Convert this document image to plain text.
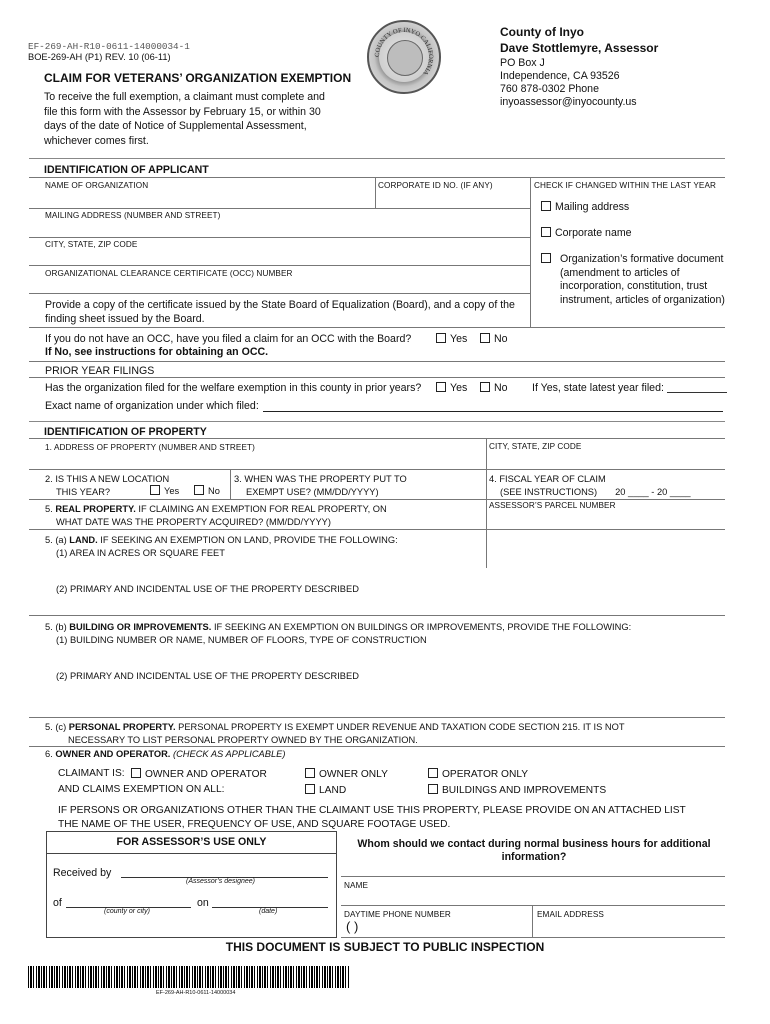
EF-269-AH-R10-0611-14000034-1
BOE-269-AH (P1) REV. 10 (06-11)
CLAIM FOR VETERANS’ ORGANIZATION EXEMPTION
To receive the full exemption, a claimant must complete and
file this form with the Assessor by February 15, or within 30
days of the date of Notice of Supplemental Assessment,
whichever comes first.
COUNTY OF INYO CALIFORNIA
County of Inyo
Dave Stottlemyre, Assessor
PO Box J
Independence, CA 93526
760 878-0302 Phone
inyoassessor@inyocounty.us
IDENTIFICATION OF APPLICANT
NAME OF ORGANIZATION	CORPORATE ID NO. (IF ANY)	CHECK IF CHANGED WITHIN THE LAST YEAR
MAILING ADDRESS (NUMBER AND STREET)
CITY, STATE, ZIP CODE
ORGANIZATIONAL CLEARANCE CERTIFICATE (OCC) NUMBER
Mailing address
Corporate name
Organization’s formative document
(amendment to articles of
incorporation, constitution, trust
instrument, articles of organization)
Provide a copy of the certificate issued by the State Board of Equalization (Board), and a copy of the
finding sheet issued by the Board.
If you do not have an OCC, have you filed a claim for an OCC with the Board?	Yes	No
If No, see instructions for obtaining an OCC.
PRIOR YEAR FILINGS
Has the organization filed for the welfare exemption in this county in prior years?	Yes	No If Yes, state latest year filed:
Exact name of organization under which filed:
IDENTIFICATION OF PROPERTY
1. ADDRESS OF PROPERTY (NUMBER AND STREET)	CITY, STATE, ZIP CODE
2. IS THIS A NEW LOCATION
THIS YEAR?	Yes	No
3. WHEN WAS THE PROPERTY PUT TO
EXEMPT USE? (MM/DD/YYYY)
4. FISCAL YEAR OF CLAIM
(SEE INSTRUCTIONS) 20 ____ - 20 ____
5. REAL PROPERTY. IF CLAIMING AN EXEMPTION FOR REAL PROPERTY, ON
WHAT DATE WAS THE PROPERTY ACQUIRED? (MM/DD/YYYY)
ASSESSOR’S PARCEL NUMBER
5. (a) LAND. IF SEEKING AN EXEMPTION ON LAND, PROVIDE THE FOLLOWING:
(1) AREA IN ACRES OR SQUARE FEET
(2) PRIMARY AND INCIDENTAL USE OF THE PROPERTY DESCRIBED
5. (b) BUILDING OR IMPROVEMENTS. IF SEEKING AN EXEMPTION ON BUILDINGS OR IMPROVEMENTS, PROVIDE THE FOLLOWING:
(1) BUILDING NUMBER OR NAME, NUMBER OF FLOORS, TYPE OF CONSTRUCTION
(2) PRIMARY AND INCIDENTAL USE OF THE PROPERTY DESCRIBED
5. (c) PERSONAL PROPERTY. PERSONAL PROPERTY IS EXEMPT UNDER REVENUE AND TAXATION CODE SECTION 215. IT IS NOT
NECESSARY TO LIST PERSONAL PROPERTY OWNED BY THE ORGANIZATION.
6. OWNER AND OPERATOR. (CHECK AS APPLICABLE)
CLAIMANT IS:	OWNER AND OPERATOR	OWNER ONLY	OPERATOR ONLY
AND CLAIMS EXEMPTION ON ALL:	LAND	BUILDINGS AND IMPROVEMENTS
IF PERSONS OR ORGANIZATIONS OTHER THAN THE CLAIMANT USE THIS PROPERTY, PLEASE PROVIDE ON AN ATTACHED LIST
THE NAME OF THE USER, FREQUENCY OF USE, AND SQUARE FOOTAGE USED.
FOR ASSESSOR’S USE ONLY
Received by
(Assessor’s designee)
of
(county or city)
on
(date)
Whom should we contact during normal business hours for additional
information?
NAME
DAYTIME PHONE NUMBER
( )
EMAIL ADDRESS
THIS DOCUMENT IS SUBJECT TO PUBLIC INSPECTION
EF-269-AH-R10-0611-14000034
